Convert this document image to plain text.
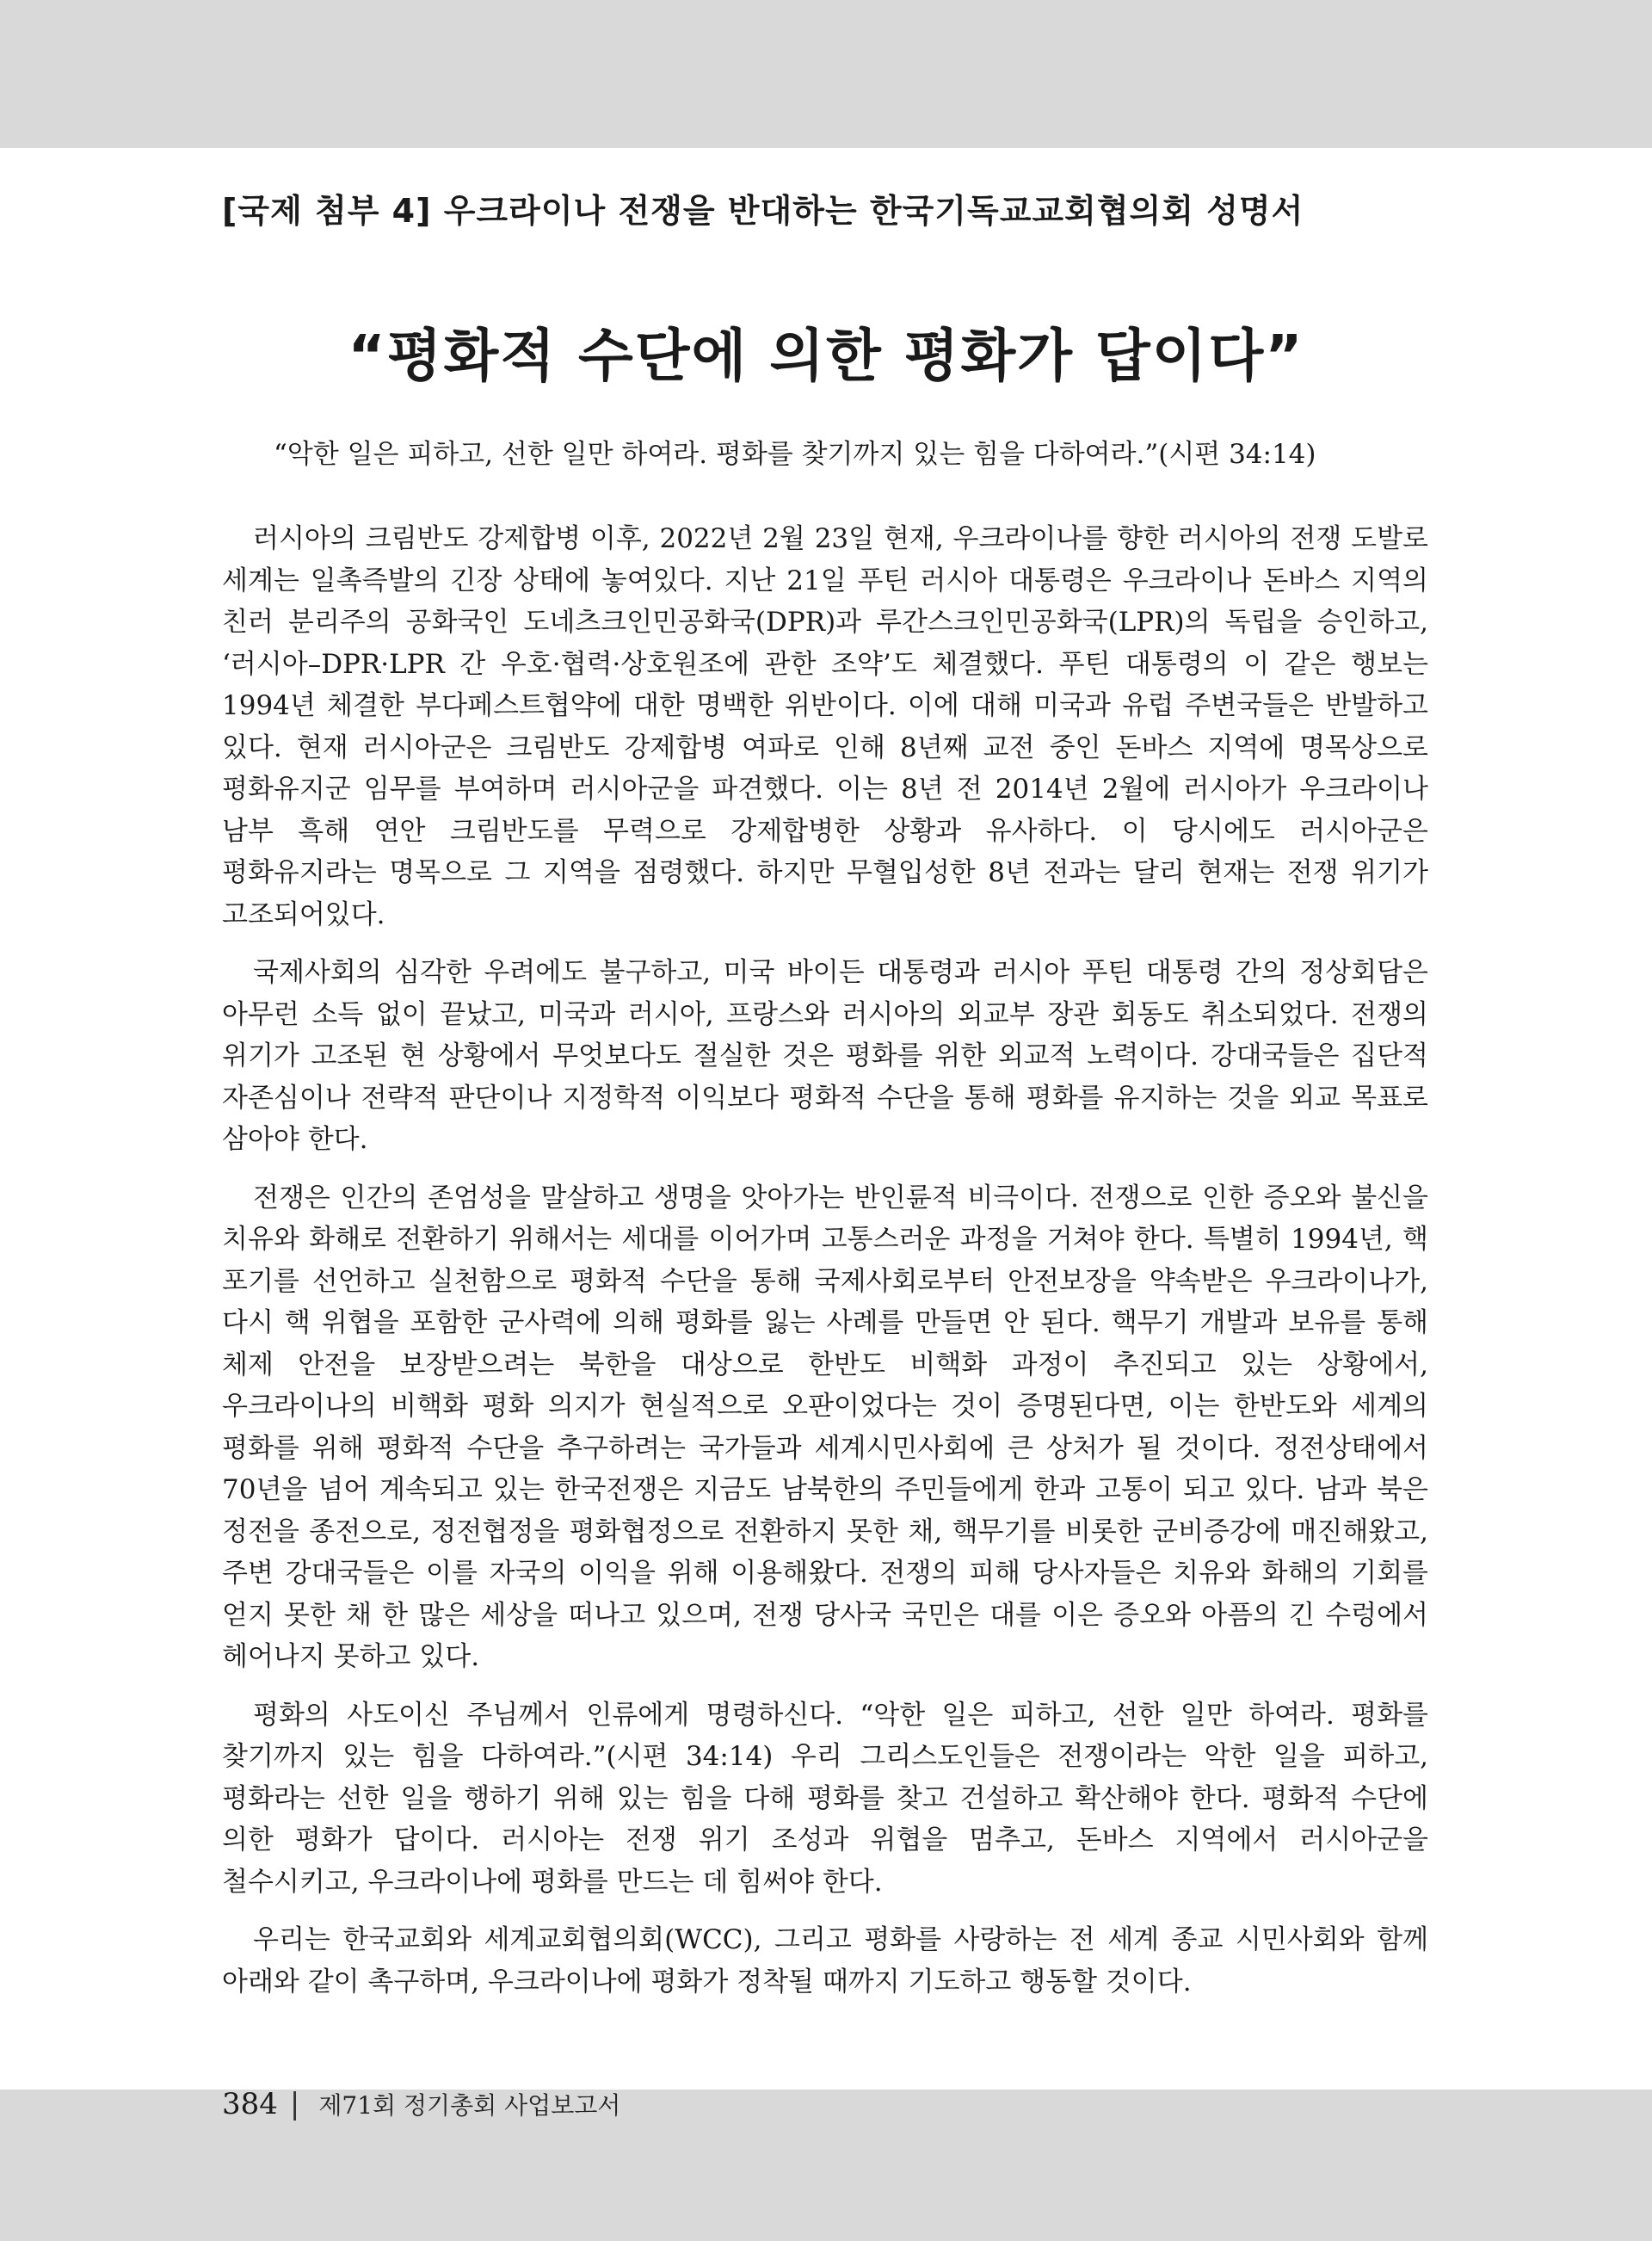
[국제 첨부 4] 우크라이나 전쟁을 반대하는 한국기독교교회협의회 성명서
“평화적 수단에 의한 평화가 답이다”
“악한 일은 피하고, 선한 일만 하여라. 평화를 찾기까지 있는 힘을 다하여라.”(시편 34:14)

러시아의 크림반도 강제합병 이후, 2022년 2월 23일 현재, 우크라이나를 향한 러시아의 전쟁 도발로 세계는 일촉즉발의 긴장 상태에 놓여있다. 지난 21일 푸틴 러시아 대통령은 우크라이나 돈바스 지역의 친러 분리주의 공화국인 도네츠크인민공화국(DPR)과 루간스크인민공화국(LPR)의 독립을 승인하고, ‘러시아–DPR·LPR 간 우호·협력·상호원조에 관한 조약’도 체결했다. 푸틴 대통령의 이 같은 행보는 1994년 체결한 부다페스트협약에 대한 명백한 위반이다. 이에 대해 미국과 유럽 주변국들은 반발하고 있다. 현재 러시아군은 크림반도 강제합병 여파로 인해 8년째 교전 중인 돈바스 지역에 명목상으로 평화유지군 임무를 부여하며 러시아군을 파견했다. 이는 8년 전 2014년 2월에 러시아가 우크라이나 남부 흑해 연안 크림반도를 무력으로 강제합병한 상황과 유사하다. 이 당시에도 러시아군은 평화유지라는 명목으로 그 지역을 점령했다. 하지만 무혈입성한 8년 전과는 달리 현재는 전쟁 위기가 고조되어있다.

국제사회의 심각한 우려에도 불구하고, 미국 바이든 대통령과 러시아 푸틴 대통령 간의 정상회담은 아무런 소득 없이 끝났고, 미국과 러시아, 프랑스와 러시아의 외교부 장관 회동도 취소되었다. 전쟁의 위기가 고조된 현 상황에서 무엇보다도 절실한 것은 평화를 위한 외교적 노력이다. 강대국들은 집단적 자존심이나 전략적 판단이나 지정학적 이익보다 평화적 수단을 통해 평화를 유지하는 것을 외교 목표로 삼아야 한다.

전쟁은 인간의 존엄성을 말살하고 생명을 앗아가는 반인륜적 비극이다. 전쟁으로 인한 증오와 불신을 치유와 화해로 전환하기 위해서는 세대를 이어가며 고통스러운 과정을 거쳐야 한다. 특별히 1994년, 핵 포기를 선언하고 실천함으로 평화적 수단을 통해 국제사회로부터 안전보장을 약속받은 우크라이나가, 다시 핵 위협을 포함한 군사력에 의해 평화를 잃는 사례를 만들면 안 된다. 핵무기 개발과 보유를 통해 체제 안전을 보장받으려는 북한을 대상으로 한반도 비핵화 과정이 추진되고 있는 상황에서, 우크라이나의 비핵화 평화 의지가 현실적으로 오판이었다는 것이 증명된다면, 이는 한반도와 세계의 평화를 위해 평화적 수단을 추구하려는 국가들과 세계시민사회에 큰 상처가 될 것이다. 정전상태에서 70년을 넘어 계속되고 있는 한국전쟁은 지금도 남북한의 주민들에게 한과 고통이 되고 있다. 남과 북은 정전을 종전으로, 정전협정을 평화협정으로 전환하지 못한 채, 핵무기를 비롯한 군비증강에 매진해왔고, 주변 강대국들은 이를 자국의 이익을 위해 이용해왔다. 전쟁의 피해 당사자들은 치유와 화해의 기회를 얻지 못한 채 한 많은 세상을 떠나고 있으며, 전쟁 당사국 국민은 대를 이은 증오와 아픔의 긴 수렁에서 헤어나지 못하고 있다.

평화의 사도이신 주님께서 인류에게 명령하신다. “악한 일은 피하고, 선한 일만 하여라. 평화를 찾기까지 있는 힘을 다하여라.”(시편 34:14) 우리 그리스도인들은 전쟁이라는 악한 일을 피하고, 평화라는 선한 일을 행하기 위해 있는 힘을 다해 평화를 찾고 건설하고 확산해야 한다. 평화적 수단에 의한 평화가 답이다. 러시아는 전쟁 위기 조성과 위협을 멈추고, 돈바스 지역에서 러시아군을 철수시키고, 우크라이나에 평화를 만드는 데 힘써야 한다.

우리는 한국교회와 세계교회협의회(WCC), 그리고 평화를 사랑하는 전 세계 종교 시민사회와 함께 아래와 같이 촉구하며, 우크라이나에 평화가 정착될 때까지 기도하고 행동할 것이다.

384 | 제71회 정기총회 사업보고서
